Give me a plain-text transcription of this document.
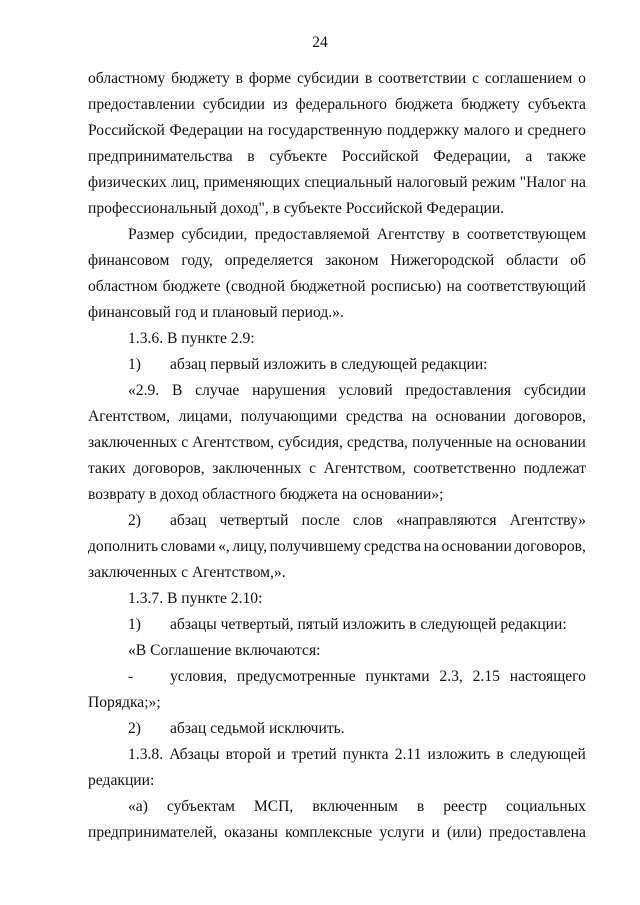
24
областному бюджету в форме субсидии в соответствии с соглашением о
предоставлении субсидии из федерального бюджета бюджету субъекта
Российской Федерации на государственную поддержку малого и среднего
предпринимательства в субъекте Российской Федерации, а также
физических лиц, применяющих специальный налоговый режим "Налог на
профессиональный доход", в субъекте Российской Федерации.
Размер субсидии, предоставляемой Агентству в соответствующем
финансовом году, определяется законом Нижегородской области об
областном бюджете (сводной бюджетной росписью) на соответствующий
финансовый год и плановый период.».
1.3.6. В пункте 2.9:
1)	абзац первый изложить в следующей редакции:
«2.9. В случае нарушения условий предоставления субсидии
Агентством, лицами, получающими средства на основании договоров,
заключенных с Агентством, субсидия, средства, полученные на основании
таких договоров, заключенных с Агентством, соответственно подлежат
возврату в доход областного бюджета на основании»;
2)	абзац четвертый после слов «направляются Агентству»
дополнить словами «, лицу, получившему средства на основании договоров,
заключенных с Агентством,».
1.3.7. В пункте 2.10:
1)	абзацы четвертый, пятый изложить в следующей редакции:
«В Соглашение включаются:
-	условия, предусмотренные пунктами 2.3, 2.15 настоящего
Порядка;»;
2)	абзац седьмой исключить.
1.3.8. Абзацы второй и третий пункта 2.11 изложить в следующей
редакции:
«а) субъектам МСП, включенным в реестр социальных
предпринимателей, оказаны комплексные услуги и (или) предоставлена
